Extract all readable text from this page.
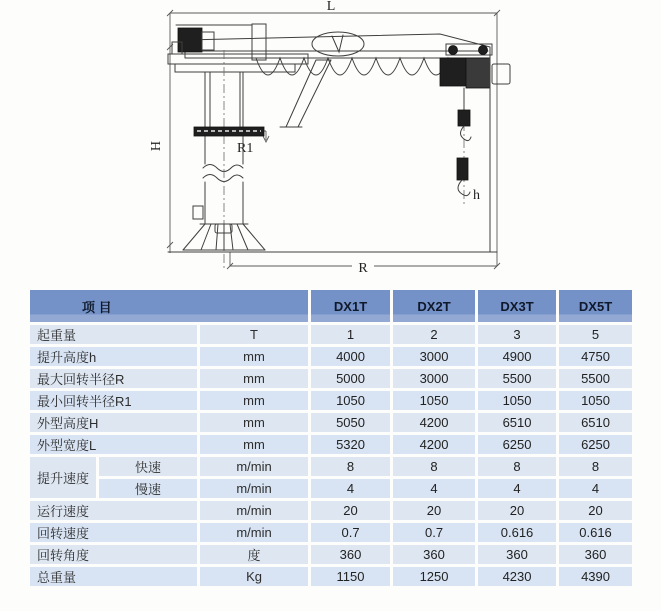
L
H	R1
R
h
项 目			DX1T	DX2T	DX3T	DX5T
起重量		T	1	2	3	5
提升高度h		mm	4000	3000	4900	4750
最大回转半径R		mm	5000	3000	5500	5500
最小回转半径R1		mm	1050	1050	1050	1050
外型高度H		mm	5050	4200	6510	6510
外型宽度L		mm	5320	4200	6250	6250
提升速度	快速	m/min	8	8	8	8
	慢速	m/min	4	4	4	4
运行速度		m/min	20	20	20	20
回转速度		m/min	0.7	0.7	0.616	0.616
回转角度		度	360	360	360	360
总重量		Kg	1150	1250	4230	4390
